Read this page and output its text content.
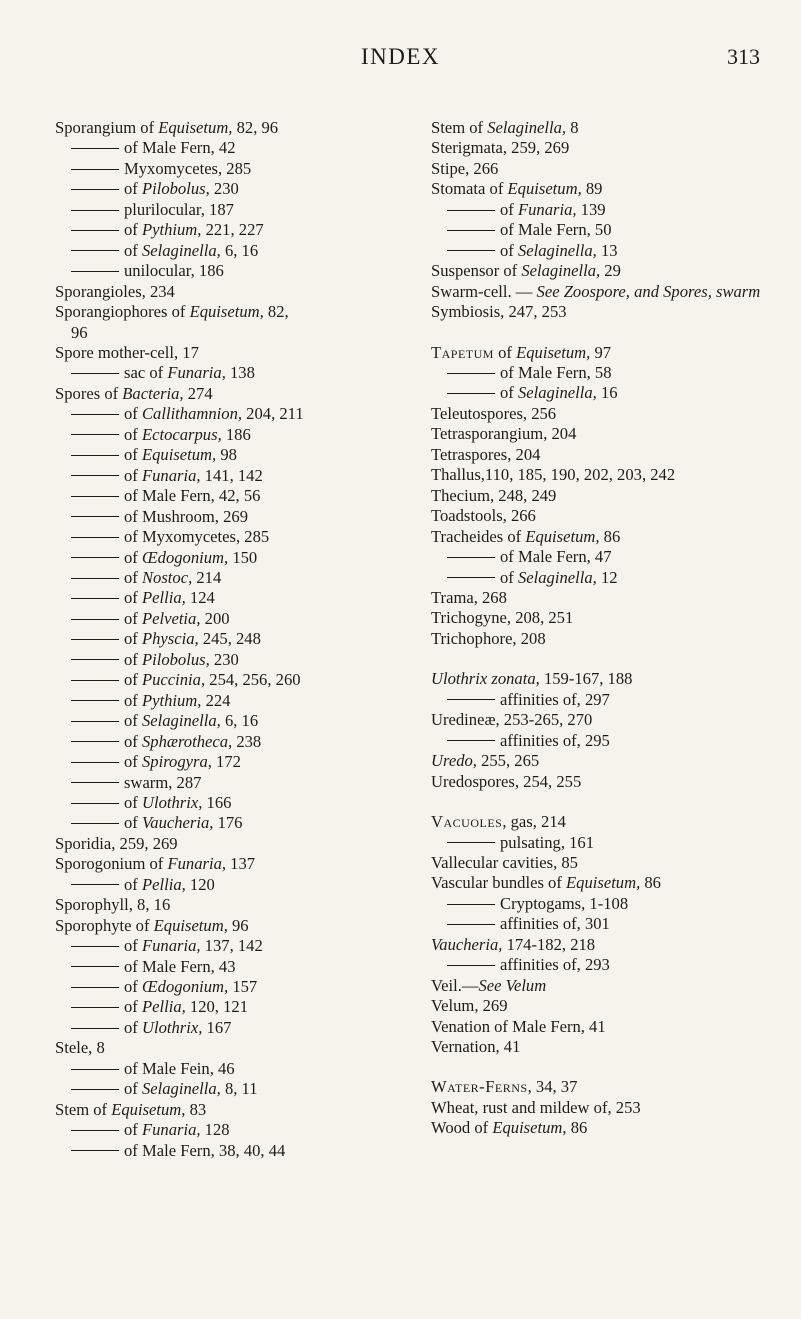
INDEX	313
Sporangium of Equisetum, 82, 96
of Male Fern, 42
Myxomycetes, 285
of Pilobolus, 230
plurilocular, 187
of Pythium, 221, 227
of Selaginella, 6, 16
unilocular, 186
Sporangioles, 234
Sporangiophores of Equisetum, 82,
96
Spore mother-cell, 17
sac of Funaria, 138
Spores of Bacteria, 274
of Callithamnion, 204, 211
of Ectocarpus, 186
of Equisetum, 98
of Funaria, 141, 142
of Male Fern, 42, 56
of Mushroom, 269
of Myxomycetes, 285
of Œdogonium, 150
of Nostoc, 214
of Pellia, 124
of Pelvetia, 200
of Physcia, 245, 248
of Pilobolus, 230
of Puccinia, 254, 256, 260
of Pythium, 224
of Selaginella, 6, 16
of Sphærotheca, 238
of Spirogyra, 172
swarm, 287
of Ulothrix, 166
of Vaucheria, 176
Sporidia, 259, 269
Sporogonium of Funaria, 137
of Pellia, 120
Sporophyll, 8, 16
Sporophyte of Equisetum, 96
of Funaria, 137, 142
of Male Fern, 43
of Œdogonium, 157
of Pellia, 120, 121
of Ulothrix, 167
Stele, 8
of Male Fein, 46
of Selaginella, 8, 11
Stem of Equisetum, 83
of Funaria, 128
of Male Fern, 38, 40, 44
Stem of Selaginella, 8
Sterigmata, 259, 269
Stipe, 266
Stomata of Equisetum, 89
of Funaria, 139
of Male Fern, 50
of Selaginella, 13
Suspensor of Selaginella, 29
Swarm-cell. — See Zoospore, and Spores, swarm
Symbiosis, 247, 253
Tapetum of Equisetum, 97
of Male Fern, 58
of Selaginella, 16
Teleutospores, 256
Tetrasporangium, 204
Tetraspores, 204
Thallus,110, 185, 190, 202, 203, 242
Thecium, 248, 249
Toadstools, 266
Tracheides of Equisetum, 86
of Male Fern, 47
of Selaginella, 12
Trama, 268
Trichogyne, 208, 251
Trichophore, 208
Ulothrix zonata, 159-167, 188
affinities of, 297
Uredineæ, 253-265, 270
affinities of, 295
Uredo, 255, 265
Uredospores, 254, 255
Vacuoles, gas, 214
pulsating, 161
Vallecular cavities, 85
Vascular bundles of Equisetum, 86
Cryptogams, 1-108
affinities of, 301
Vaucheria, 174-182, 218
affinities of, 293
Veil.—See Velum
Velum, 269
Venation of Male Fern, 41
Vernation, 41
Water-Ferns, 34, 37
Wheat, rust and mildew of, 253
Wood of Equisetum, 86
